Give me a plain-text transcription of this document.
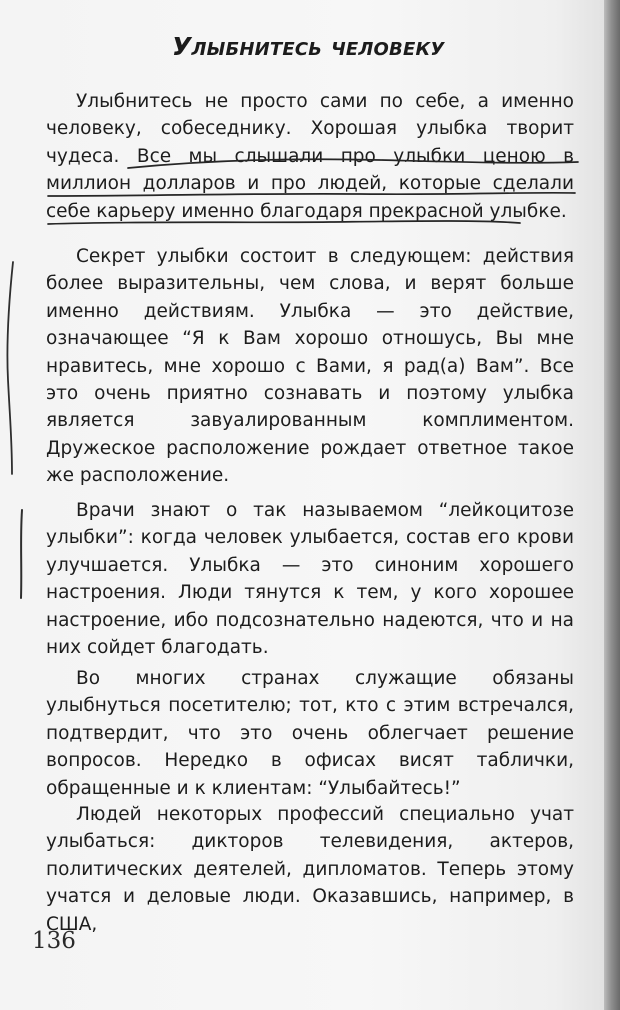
Улыбнитесь человеку

Улыбнитесь не просто сами по себе, а именно человеку, собеседнику. Хорошая улыбка творит чудеса. Все мы слышали про улыбки ценою в миллион долларов и про людей, которые сделали себе карьеру именно благодаря прекрасной улыбке.

Секрет улыбки состоит в следующем: действия более выразительны, чем слова, и верят больше именно действиям. Улыбка — это действие, означающее “Я к Вам хорошо отношусь, Вы мне нравитесь, мне хорошо с Вами, я рад(а) Вам”. Все это очень приятно сознавать и поэтому улыбка является завуалированным комплиментом. Дружеское расположение рождает ответное такое же расположение.

Врачи знают о так называемом “лейкоцитозе улыбки”: когда человек улыбается, состав его крови улучшается. Улыбка — это синоним хорошего настроения. Люди тянутся к тем, у кого хорошее настроение, ибо подсознательно надеются, что и на них сойдет благодать.

Во многих странах служащие обязаны улыбнуться посетителю; тот, кто с этим встречался, подтвердит, что это очень облегчает решение вопросов. Нередко в офисах висят таблички, обращенные и к клиентам: “Улыбайтесь!”

Людей некоторых профессий специально учат улыбаться: дикторов телевидения, актеров, политических деятелей, дипломатов. Теперь этому учатся и деловые люди. Оказавшись, например, в США,

136
